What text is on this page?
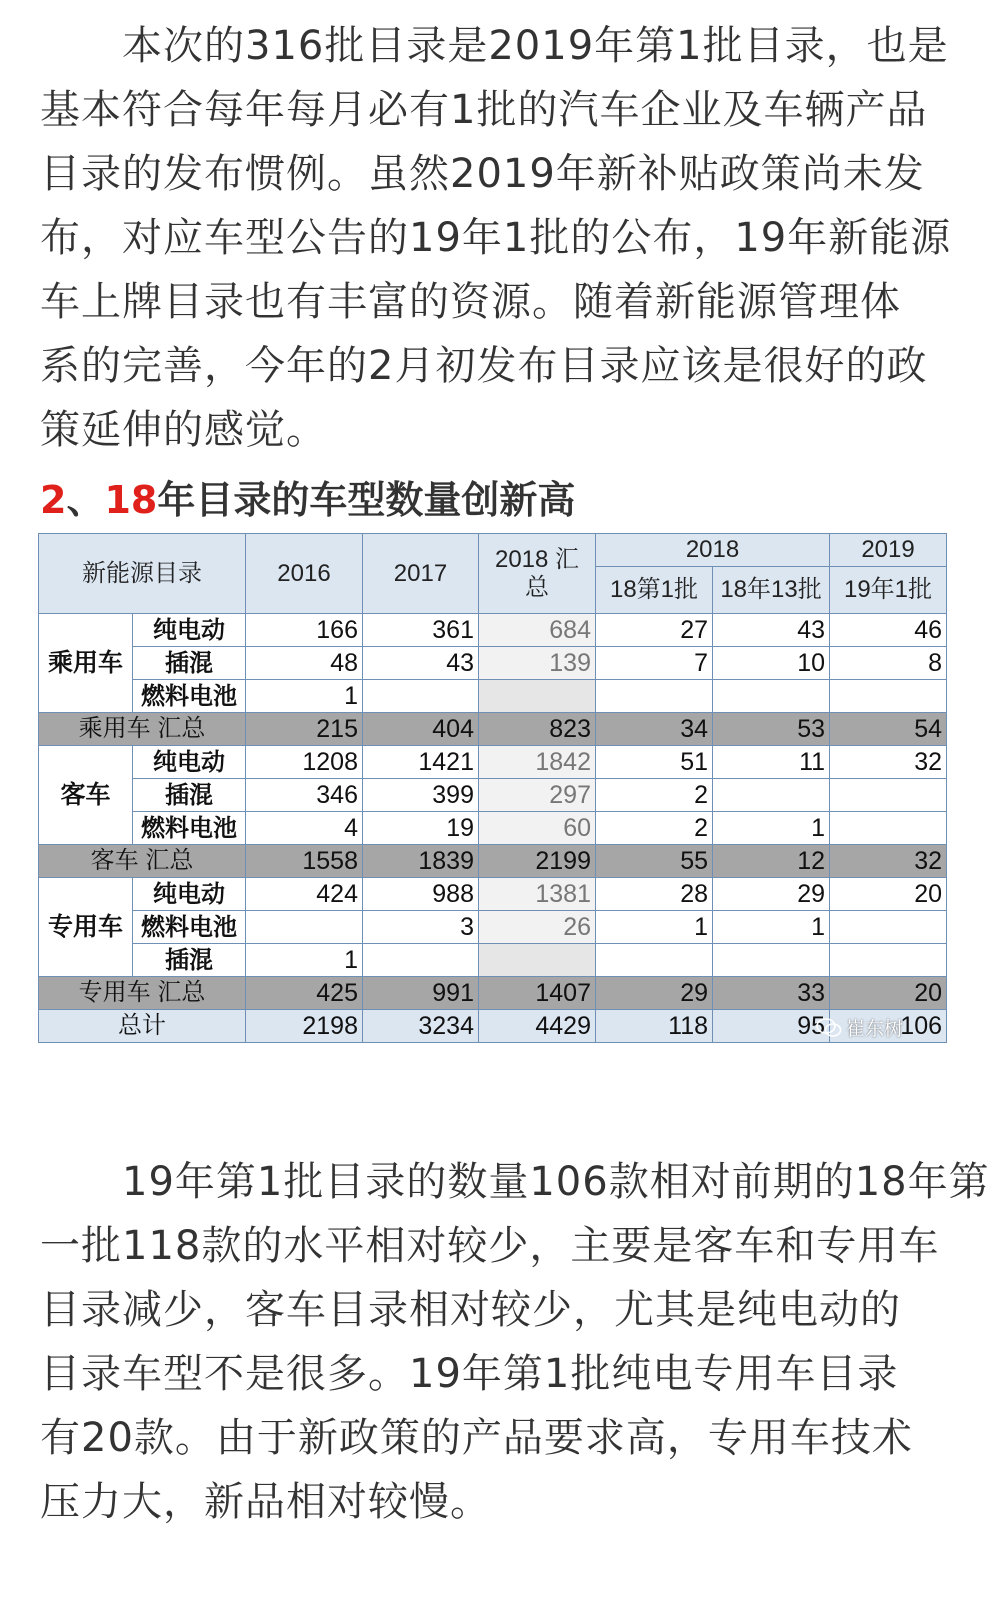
　　本次的316批目录是2019年第1批目录，也是
基本符合每年每月必有1批的汽车企业及车辆产品
目录的发布惯例。虽然2019年新补贴政策尚未发
布，对应车型公告的19年1批的公布，19年新能源
车上牌目录也有丰富的资源。随着新能源管理体
系的完善，今年的2月初发布目录应该是很好的政
策延伸的感觉。
2、18年目录的车型数量创新高
新能源目录		2016	2017	2018 汇总	2018		2019
					18第1批	18年13批	19年1批
乘用车	纯电动	166	361	684	27	43	46
	插混	48	43	139	7	10	8
	燃料电池	1					
乘用车 汇总		215	404	823	34	53	54
客车	纯电动	1208	1421	1842	51	11	32
	插混	346	399	297	2		
	燃料电池	4	19	60	2	1	
客车 汇总		1558	1839	2199	55	12	32
专用车	纯电动	424	988	1381	28	29	20
	燃料电池		3	26	1	1	
	插混	1					
专用车 汇总		425	991	1407	29	33	20
总计		2198	3234	4429	118	95	106
崔东树
　　19年第1批目录的数量106款相对前期的18年第
一批118款的水平相对较少，主要是客车和专用车
目录减少，客车目录相对较少，尤其是纯电动的
目录车型不是很多。19年第1批纯电专用车目录
有20款。由于新政策的产品要求高，专用车技术
压力大，新品相对较慢。
